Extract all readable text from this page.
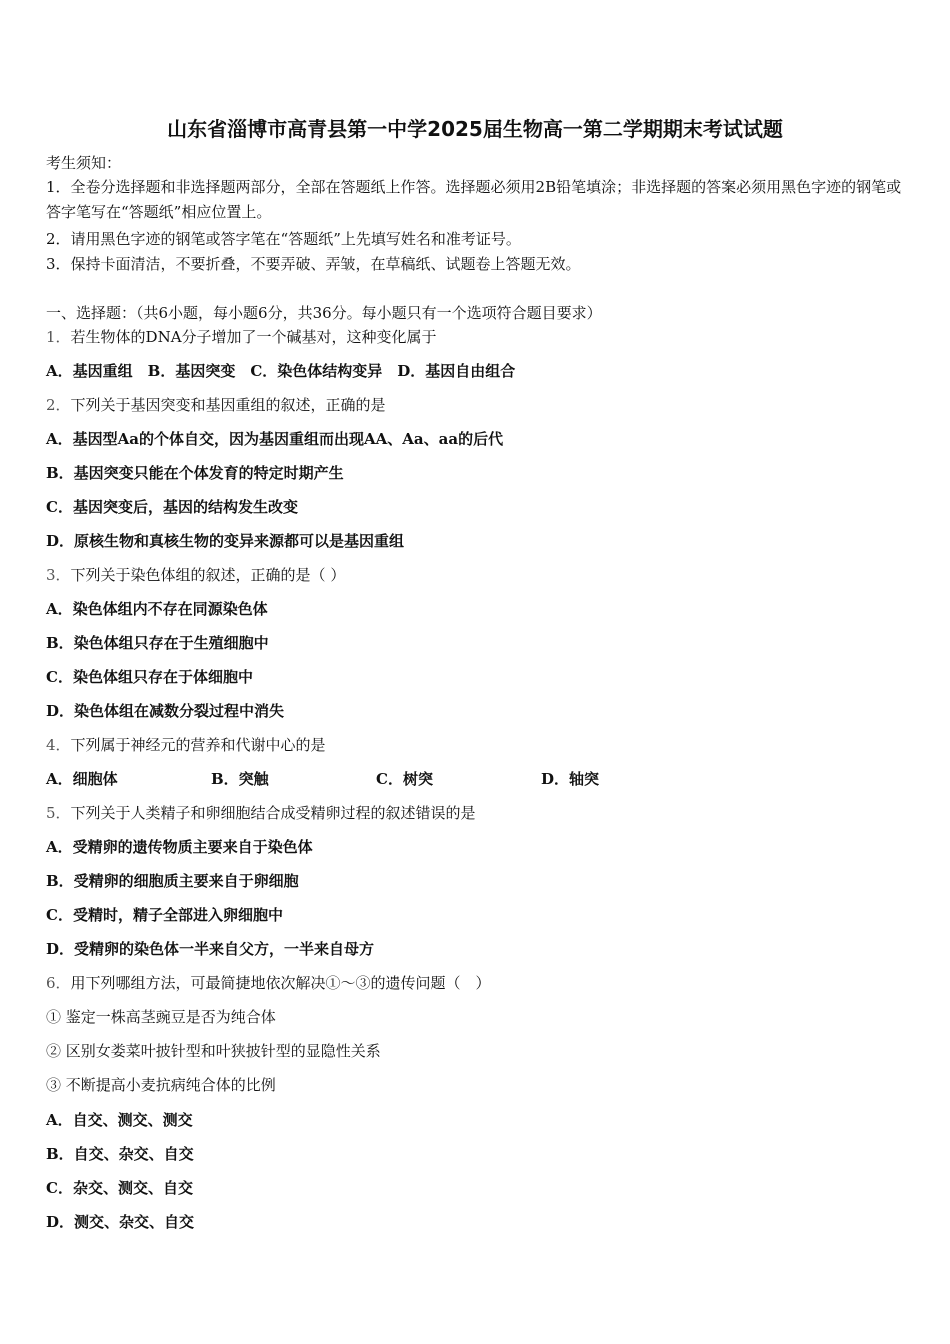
山东省淄博市高青县第一中学2025届生物高一第二学期期末考试试题
考生须知：
1．全卷分选择题和非选择题两部分，全部在答题纸上作答。选择题必须用2B铅笔填涂；非选择题的答案必须用黑色字迹的钢笔或答字笔写在“答题纸”相应位置上。
2．请用黑色字迹的钢笔或答字笔在“答题纸”上先填写姓名和准考证号。
3．保持卡面清洁，不要折叠，不要弄破、弄皱，在草稿纸、试题卷上答题无效。
一、选择题：（共6小题，每小题6分，共36分。每小题只有一个选项符合题目要求）
1．若生物体的DNA分子增加了一个碱基对，这种变化属于
A．基因重组　B．基因突变　C．染色体结构变异　D．基因自由组合
2．下列关于基因突变和基因重组的叙述，正确的是
A．基因型Aa的个体自交，因为基因重组而出现AA、Aa、aa的后代
B．基因突变只能在个体发育的特定时期产生
C．基因突变后，基因的结构发生改变
D．原核生物和真核生物的变异来源都可以是基因重组
3．下列关于染色体组的叙述，正确的是（ ）
A．染色体组内不存在同源染色体
B．染色体组只存在于生殖细胞中
C．染色体组只存在于体细胞中
D．染色体组在减数分裂过程中消失
4．下列属于神经元的营养和代谢中心的是
A．细胞体	B．突触	C．树突	D．轴突
5．下列关于人类精子和卵细胞结合成受精卵过程的叙述错误的是
A．受精卵的遗传物质主要来自于染色体
B．受精卵的细胞质主要来自于卵细胞
C．受精时，精子全部进入卵细胞中
D．受精卵的染色体一半来自父方，一半来自母方
6．用下列哪组方法，可最简捷地依次解决①～③的遗传问题（　）
① 鉴定一株高茎豌豆是否为纯合体
② 区别女娄菜叶披针型和叶狭披针型的显隐性关系
③ 不断提高小麦抗病纯合体的比例
A．自交、测交、测交
B．自交、杂交、自交
C．杂交、测交、自交
D．测交、杂交、自交
